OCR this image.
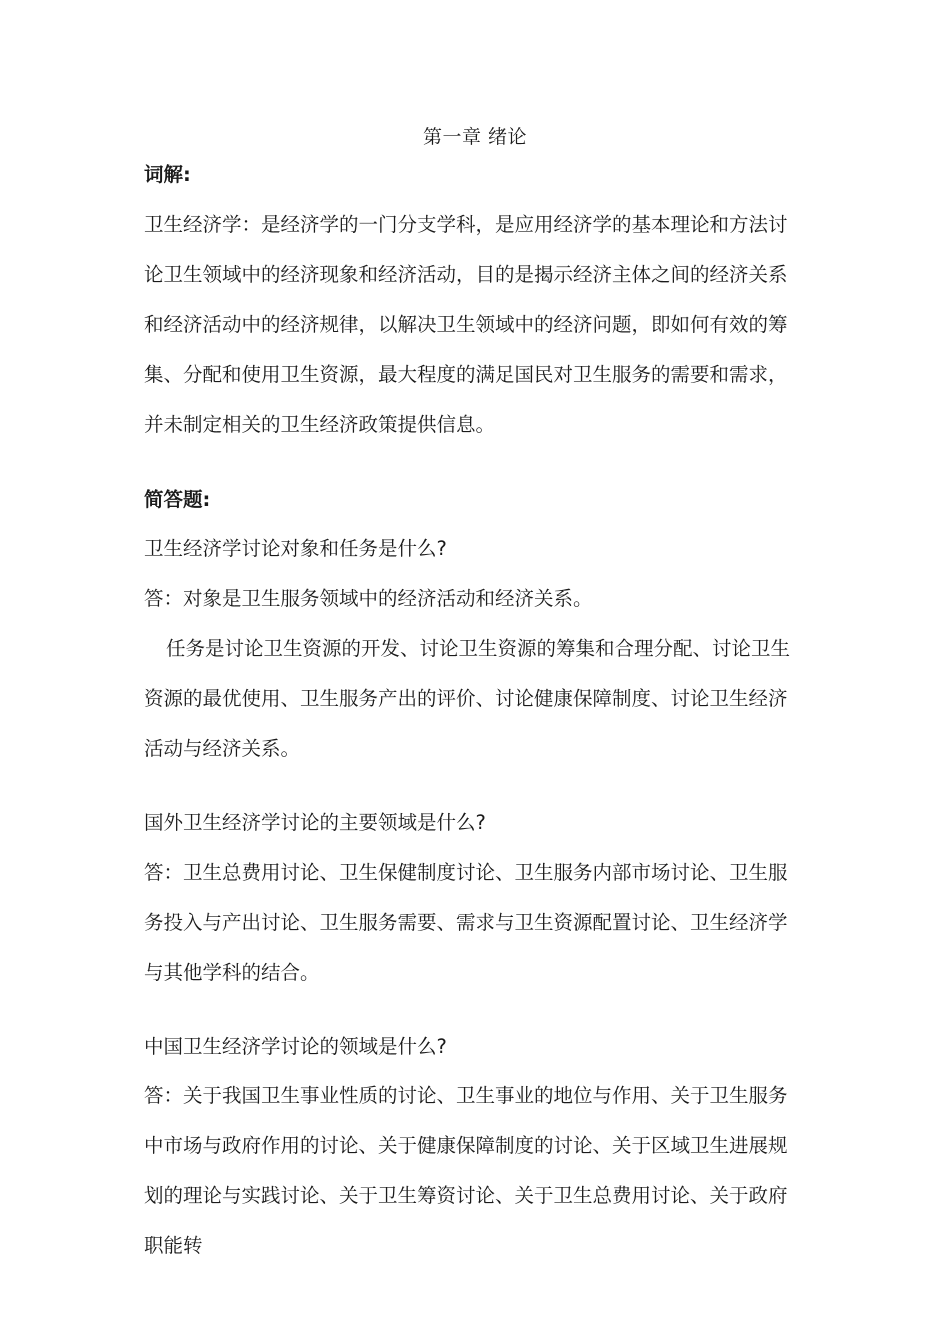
第一章 绪论

词解:

卫生经济学：是经济学的一门分支学科，是应用经济学的基本理论和方法讨论卫生领域中的经济现象和经济活动，目的是揭示经济主体之间的经济关系和经济活动中的经济规律，以解决卫生领域中的经济问题，即如何有效的筹集、分配和使用卫生资源，最大程度的满足国民对卫生服务的需要和需求，并未制定相关的卫生经济政策提供信息。

简答题:

卫生经济学讨论对象和任务是什么?

答：对象是卫生服务领域中的经济活动和经济关系。

任务是讨论卫生资源的开发、讨论卫生资源的筹集和合理分配、讨论卫生资源的最优使用、卫生服务产出的评价、讨论健康保障制度、讨论卫生经济活动与经济关系。

国外卫生经济学讨论的主要领域是什么?

答：卫生总费用讨论、卫生保健制度讨论、卫生服务内部市场讨论、卫生服务投入与产出讨论、卫生服务需要、需求与卫生资源配置讨论、卫生经济学与其他学科的结合。

中国卫生经济学讨论的领域是什么?

答：关于我国卫生事业性质的讨论、卫生事业的地位与作用、关于卫生服务中市场与政府作用的讨论、关于健康保障制度的讨论、关于区域卫生进展规划的理论与实践讨论、关于卫生筹资讨论、关于卫生总费用讨论、关于政府职能转
